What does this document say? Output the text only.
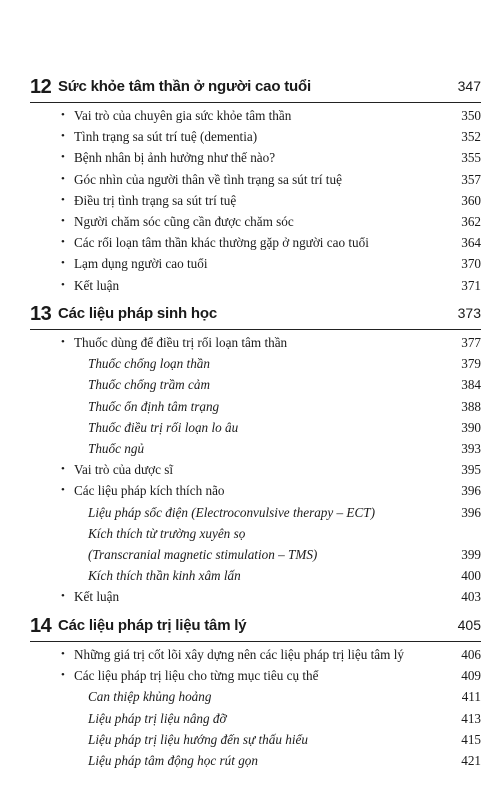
12 Sức khỏe tâm thần ở người cao tuổi	347
• Vai trò của chuyên gia sức khỏe tâm thần	350
• Tình trạng sa sút trí tuệ (dementia)	352
• Bệnh nhân bị ảnh hưởng như thế nào?	355
• Góc nhìn của người thân về tình trạng sa sút trí tuệ	357
• Điều trị tình trạng sa sút trí tuệ	360
• Người chăm sóc cũng cần được chăm sóc	362
• Các rối loạn tâm thần khác thường gặp ở người cao tuổi	364
• Lạm dụng người cao tuổi	370
• Kết luận	371
13 Các liệu pháp sinh học	373
• Thuốc dùng để điều trị rối loạn tâm thần	377
Thuốc chống loạn thần	379
Thuốc chống trầm cảm	384
Thuốc ổn định tâm trạng	388
Thuốc điều trị rối loạn lo âu	390
Thuốc ngủ	393
• Vai trò của dược sĩ	395
• Các liệu pháp kích thích não	396
Liệu pháp sốc điện (Electroconvulsive therapy – ECT)	396
Kích thích từ trường xuyên sọ
(Transcranial magnetic stimulation – TMS)	399
Kích thích thần kinh xâm lấn	400
• Kết luận	403
14 Các liệu pháp trị liệu tâm lý	405
• Những giá trị cốt lõi xây dựng nên các liệu pháp trị liệu tâm lý	406
• Các liệu pháp trị liệu cho từng mục tiêu cụ thể	409
Can thiệp khủng hoảng	411
Liệu pháp trị liệu nâng đỡ	413
Liệu pháp trị liệu hướng đến sự thấu hiểu	415
Liệu pháp tâm động học rút gọn	421
